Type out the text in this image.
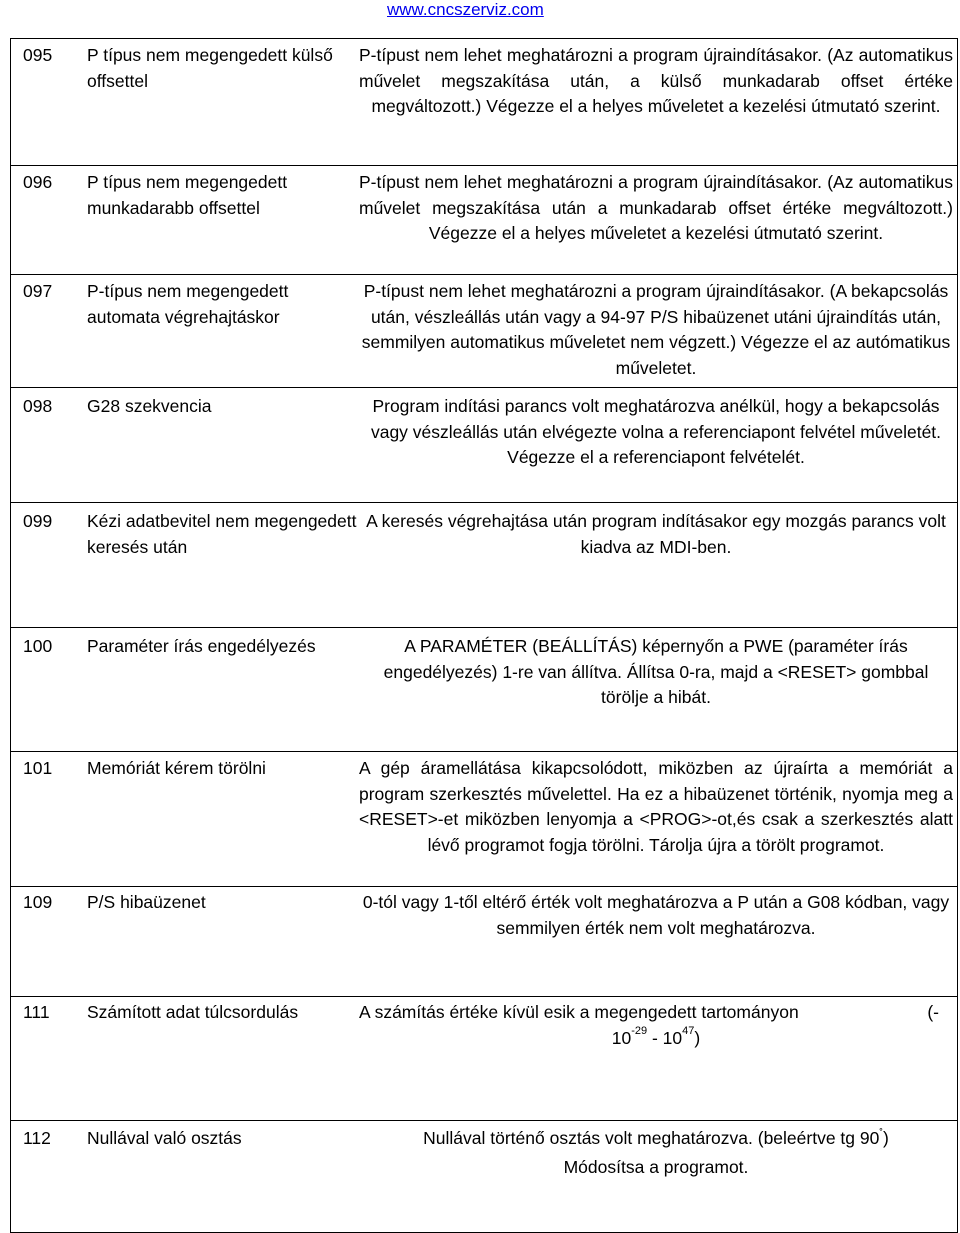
www.cncszerviz.com
095	P típus nem megengedett külső offsettel	P-típust nem lehet meghatározni a program újraindításakor. (Az automatikus művelet megszakítása után, a külső munkadarab offset értéke megváltozott.) Végezze el a helyes műveletet a kezelési útmutató szerint.
096	P típus nem megengedett munkadarabb offsettel	P-típust nem lehet meghatározni a program újraindításakor. (Az automatikus művelet megszakítása után a munkadarab offset értéke megváltozott.) Végezze el a helyes műveletet a kezelési útmutató szerint.
097	P-típus nem megengedett automata végrehajtáskor	P-típust nem lehet meghatározni a program újraindításakor. (A bekapcsolás után, vészleállás után vagy a 94-97 P/S hibaüzenet utáni újraindítás után, semmilyen automatikus műveletet nem végzett.) Végezze el az autómatikus műveletet.
098	G28 szekvencia	Program indítási parancs volt meghatározva anélkül, hogy a bekapcsolás vagy vészleállás után elvégezte volna a referenciapont felvétel műveletét. Végezze el a referenciapont felvételét.
099	Kézi adatbevitel nem megengedett keresés után	A keresés végrehajtása után program indításakor egy mozgás parancs volt kiadva az MDI-ben.
100	Paraméter írás engedélyezés	A PARAMÉTER (BEÁLLÍTÁS) képernyőn a PWE (paraméter írás engedélyezés) 1-re van állítva. Állítsa 0-ra, majd a <RESET> gombbal törölje a hibát.
101	Memóriát kérem törölni	A gép áramellátása kikapcsolódott, miközben az újraírta a memóriát a program szerkesztés művelettel. Ha ez a hibaüzenet történik, nyomja meg a <RESET>-et miközben lenyomja a <PROG>-ot,és csak a szerkesztés alatt lévő programot fogja törölni. Tárolja újra a törölt programot.
109	P/S hibaüzenet	0-tól vagy 1-től eltérő érték volt meghatározva a P után a G08 kódban, vagy semmilyen érték nem volt meghatározva.
111	Számított adat túlcsordulás	A számítás értéke kívül esik a megengedett tartományon (-
$10^{-29} - 10^{47}$)

112	Nullával való osztás	Nullával történő osztás volt meghatározva. (beleértve tg 90˚)
Módosítsa a programot.
